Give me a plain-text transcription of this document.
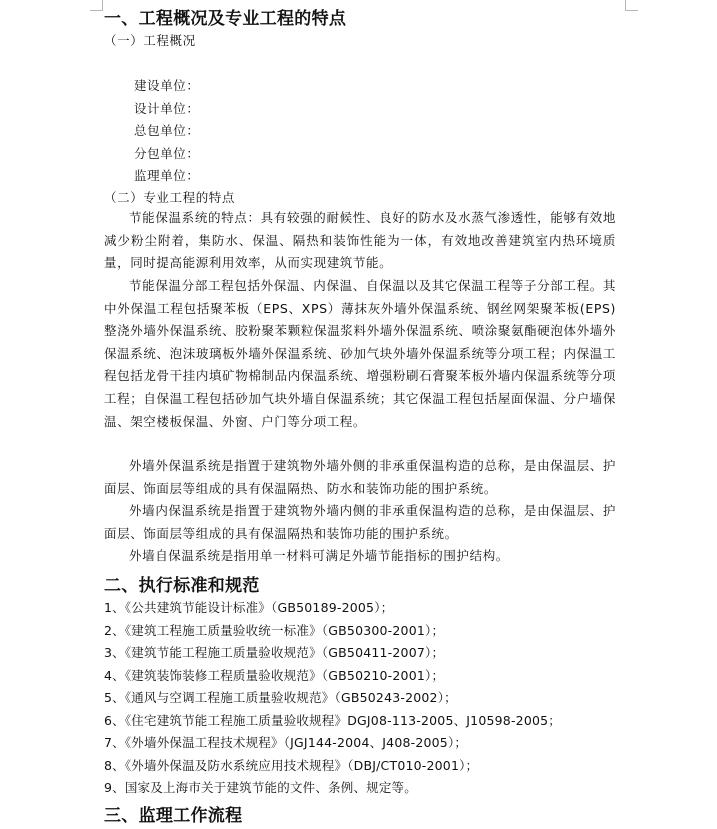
一、工程概况及专业工程的特点
（一）工程概况
建设单位：
设计单位：
总包单位：
分包单位：
监理单位：
（二）专业工程的特点

节能保温系统的特点：具有较强的耐候性、良好的防水及水蒸气渗透性，能够有效地减少粉尘附着，集防水、保温、隔热和装饰性能为一体，有效地改善建筑室内热环境质量，同时提高能源利用效率，从而实现建筑节能。

节能保温分部工程包括外保温、内保温、自保温以及其它保温工程等子分部工程。其中外保温工程包括聚苯板（EPS、XPS）薄抹灰外墙外保温系统、钢丝网架聚苯板(EPS)整浇外墙外保温系统、胶粉聚苯颗粒保温浆料外墙外保温系统、喷涂聚氨酯硬泡体外墙外保温系统、泡沫玻璃板外墙外保温系统、砂加气块外墙外保温系统等分项工程；内保温工程包括龙骨干挂内填矿物棉制品内保温系统、增强粉刷石膏聚苯板外墙内保温系统等分项工程；自保温工程包括砂加气块外墙自保温系统；其它保温工程包括屋面保温、分户墙保温、架空楼板保温、外窗、户门等分项工程。

外墙外保温系统是指置于建筑物外墙外侧的非承重保温构造的总称，是由保温层、护面层、饰面层等组成的具有保温隔热、防水和装饰功能的围护系统。

外墙内保温系统是指置于建筑物外墙内侧的非承重保温构造的总称，是由保温层、护面层、饰面层等组成的具有保温隔热和装饰功能的围护系统。

外墙自保温系统是指用单一材料可满足外墙节能指标的围护结构。

二、执行标准和规范
1、《公共建筑节能设计标准》（GB50189-2005）；
2、《建筑工程施工质量验收统一标准》（GB50300-2001）；
3、《建筑节能工程施工质量验收规范》（GB50411-2007）；
4、《建筑装饰装修工程质量验收规范》（GB50210-2001）；
5、《通风与空调工程施工质量验收规范》（GB50243-2002）；
6、《住宅建筑节能工程施工质量验收规程》DGJ08-113-2005、J10598-2005；
7、《外墙外保温工程技术规程》（JGJ144-2004、J408-2005）；
8、《外墙外保温及防水系统应用技术规程》（DBJ/CT010-2001）；
9、国家及上海市关于建筑节能的文件、条例、规定等。
三、监理工作流程
